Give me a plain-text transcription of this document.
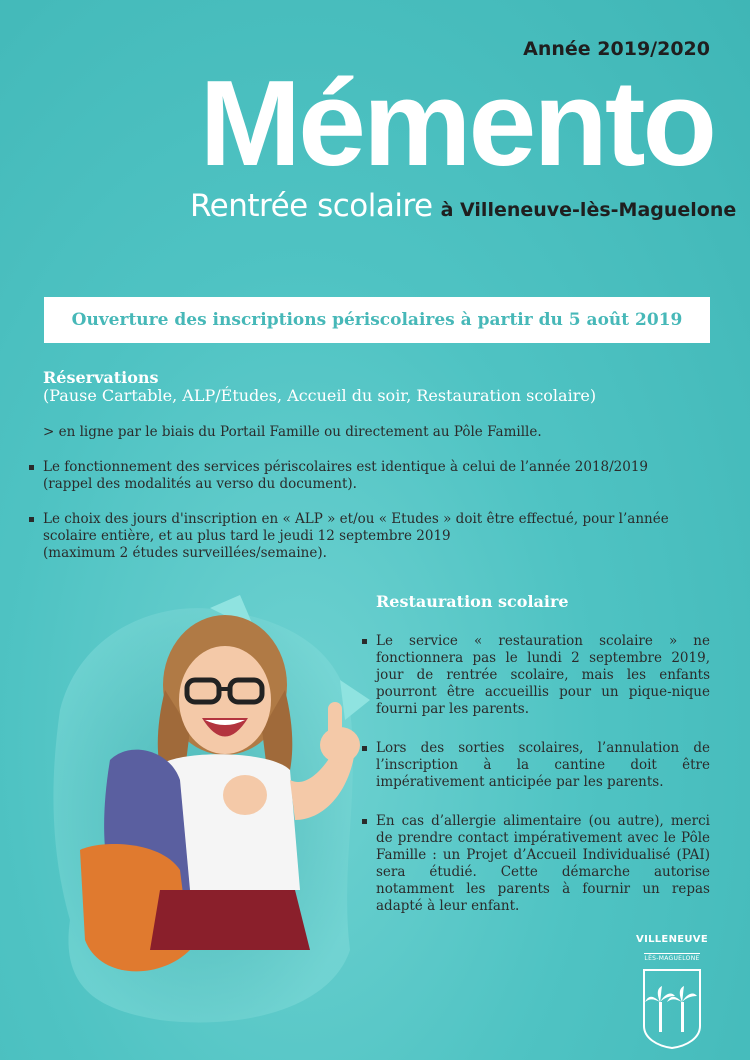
Année 2019/2020
Mémento
Rentrée scolaire à Villeneuve-lès-Maguelone
Ouverture des inscriptions périscolaires à partir du 5 août 2019
Réservations
(Pause Cartable, ALP/Études, Accueil du soir, Restauration scolaire)
> en ligne par le biais du Portail Famille ou directement au Pôle Famille.
Le fonctionnement des services périscolaires est identique à celui de l’année 2018/2019
(rappel des modalités au verso du document).
Le choix des jours d'inscription en « ALP » et/ou « Etudes » doit être effectué, pour l’année scolaire entière, et au plus tard le jeudi 12 septembre 2019
(maximum 2 études surveillées/semaine).
Restauration scolaire
Le service « restauration scolaire » ne fonctionnera pas le lundi 2 septembre 2019, jour de rentrée scolaire, mais les enfants pourront être accueillis pour un pique-nique fourni par les parents.
Lors des sorties scolaires, l’annulation de l’inscription à la cantine doit être impérativement anticipée par les parents.
En cas d’allergie alimentaire (ou autre), merci de prendre contact impérativement avec le Pôle Famille : un Projet d’Accueil Individualisé (PAI) sera étudié. Cette démarche autorise notamment les parents à fournir un repas adapté à leur enfant.
VILLENEUVE
LÈS-MAGUELONE
